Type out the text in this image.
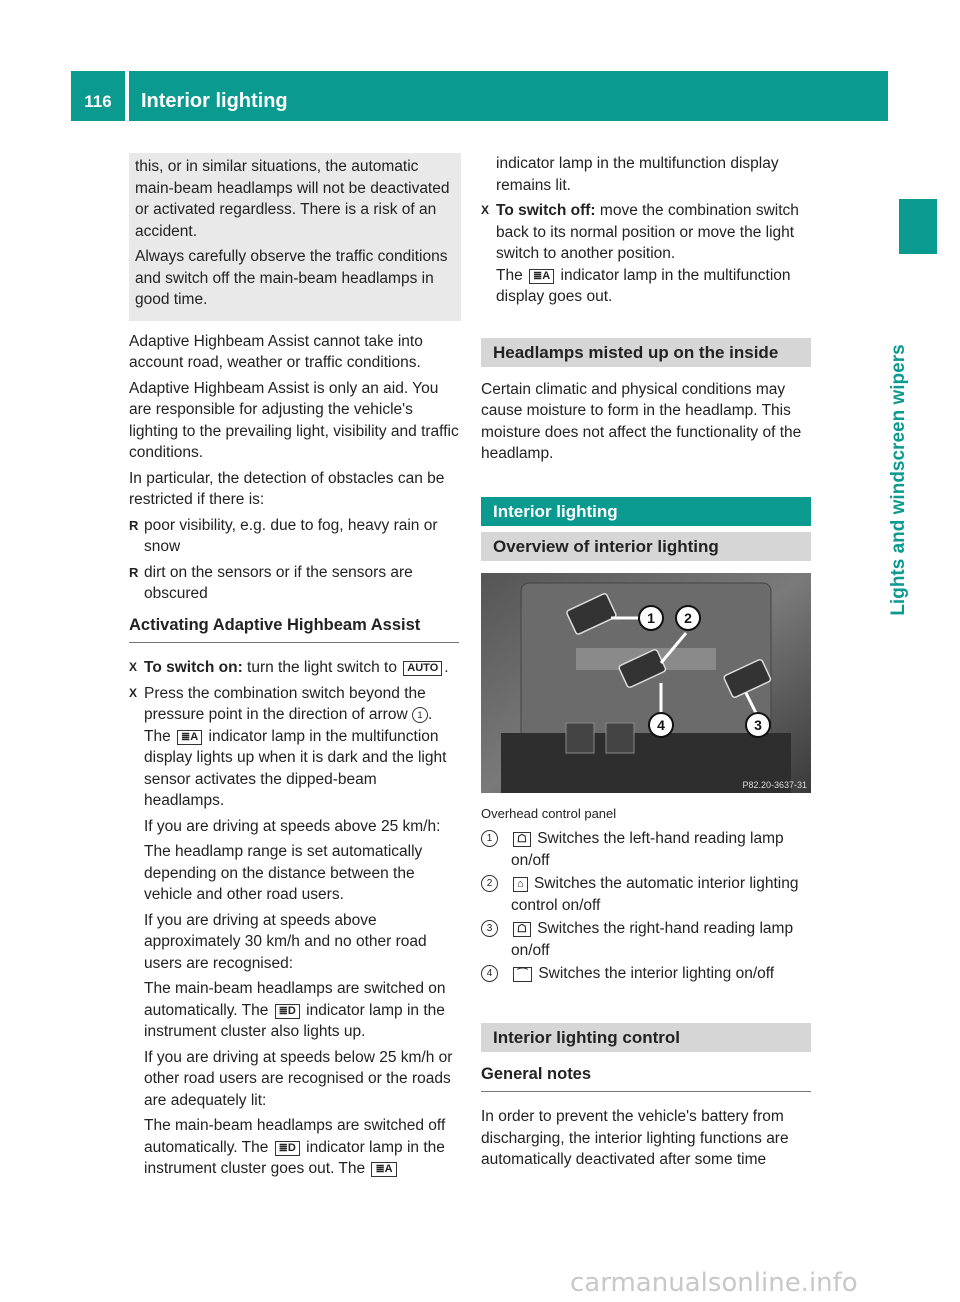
116	Interior lighting
Lights and windscreen wipers

this, or in similar situations, the automatic main-beam headlamps will not be deactivated or activated regardless. There is a risk of an accident.

Always carefully observe the traffic conditions and switch off the main-beam headlamps in good time.

Adaptive Highbeam Assist cannot take into account road, weather or traffic conditions.

Adaptive Highbeam Assist is only an aid. You are responsible for adjusting the vehicle's lighting to the prevailing light, visibility and traffic conditions.

In particular, the detection of obstacles can be restricted if there is:

R poor visibility, e.g. due to fog, heavy rain or snow
R dirt on the sensors or if the sensors are obscured
Activating Adaptive Highbeam Assist
X To switch on: turn the light switch to AUTO .
X Press the combination switch beyond the pressure point in the direction of arrow 1 . The ≣A indicator lamp in the multifunction display lights up when it is dark and the light sensor activates the dipped-beam headlamps.
If you are driving at speeds above 25 km/h:
The headlamp range is set automatically depending on the distance between the vehicle and other road users.
If you are driving at speeds above approximately 30 km/h and no other road users are recognised:
The main-beam headlamps are switched on automatically. The ≣D indicator lamp in the instrument cluster also lights up.
If you are driving at speeds below 25 km/h or other road users are recognised or the roads are adequately lit:
The main-beam headlamps are switched off automatically. The ≣D indicator lamp in the instrument cluster goes out. The ≣A
indicator lamp in the multifunction display remains lit.
X To switch off: move the combination switch back to its normal position or move the light switch to another position.
The ≣A indicator lamp in the multifunction display goes out.
Headlamps misted up on the inside

Certain climatic and physical conditions may cause moisture to form in the headlamp. This moisture does not affect the functionality of the headlamp.

Interior lighting
Overview of interior lighting
1 2
4	3
P82.20-3637-31
Overhead control panel
1	☖ Switches the left-hand reading lamp on/off
2	⌂ Switches the automatic interior lighting control on/off
3	☖ Switches the right-hand reading lamp on/off
4	⌒ Switches the interior lighting on/off
Interior lighting control
General notes

In order to prevent the vehicle's battery from discharging, the interior lighting functions are automatically deactivated after some time

carmanualsonline.info
